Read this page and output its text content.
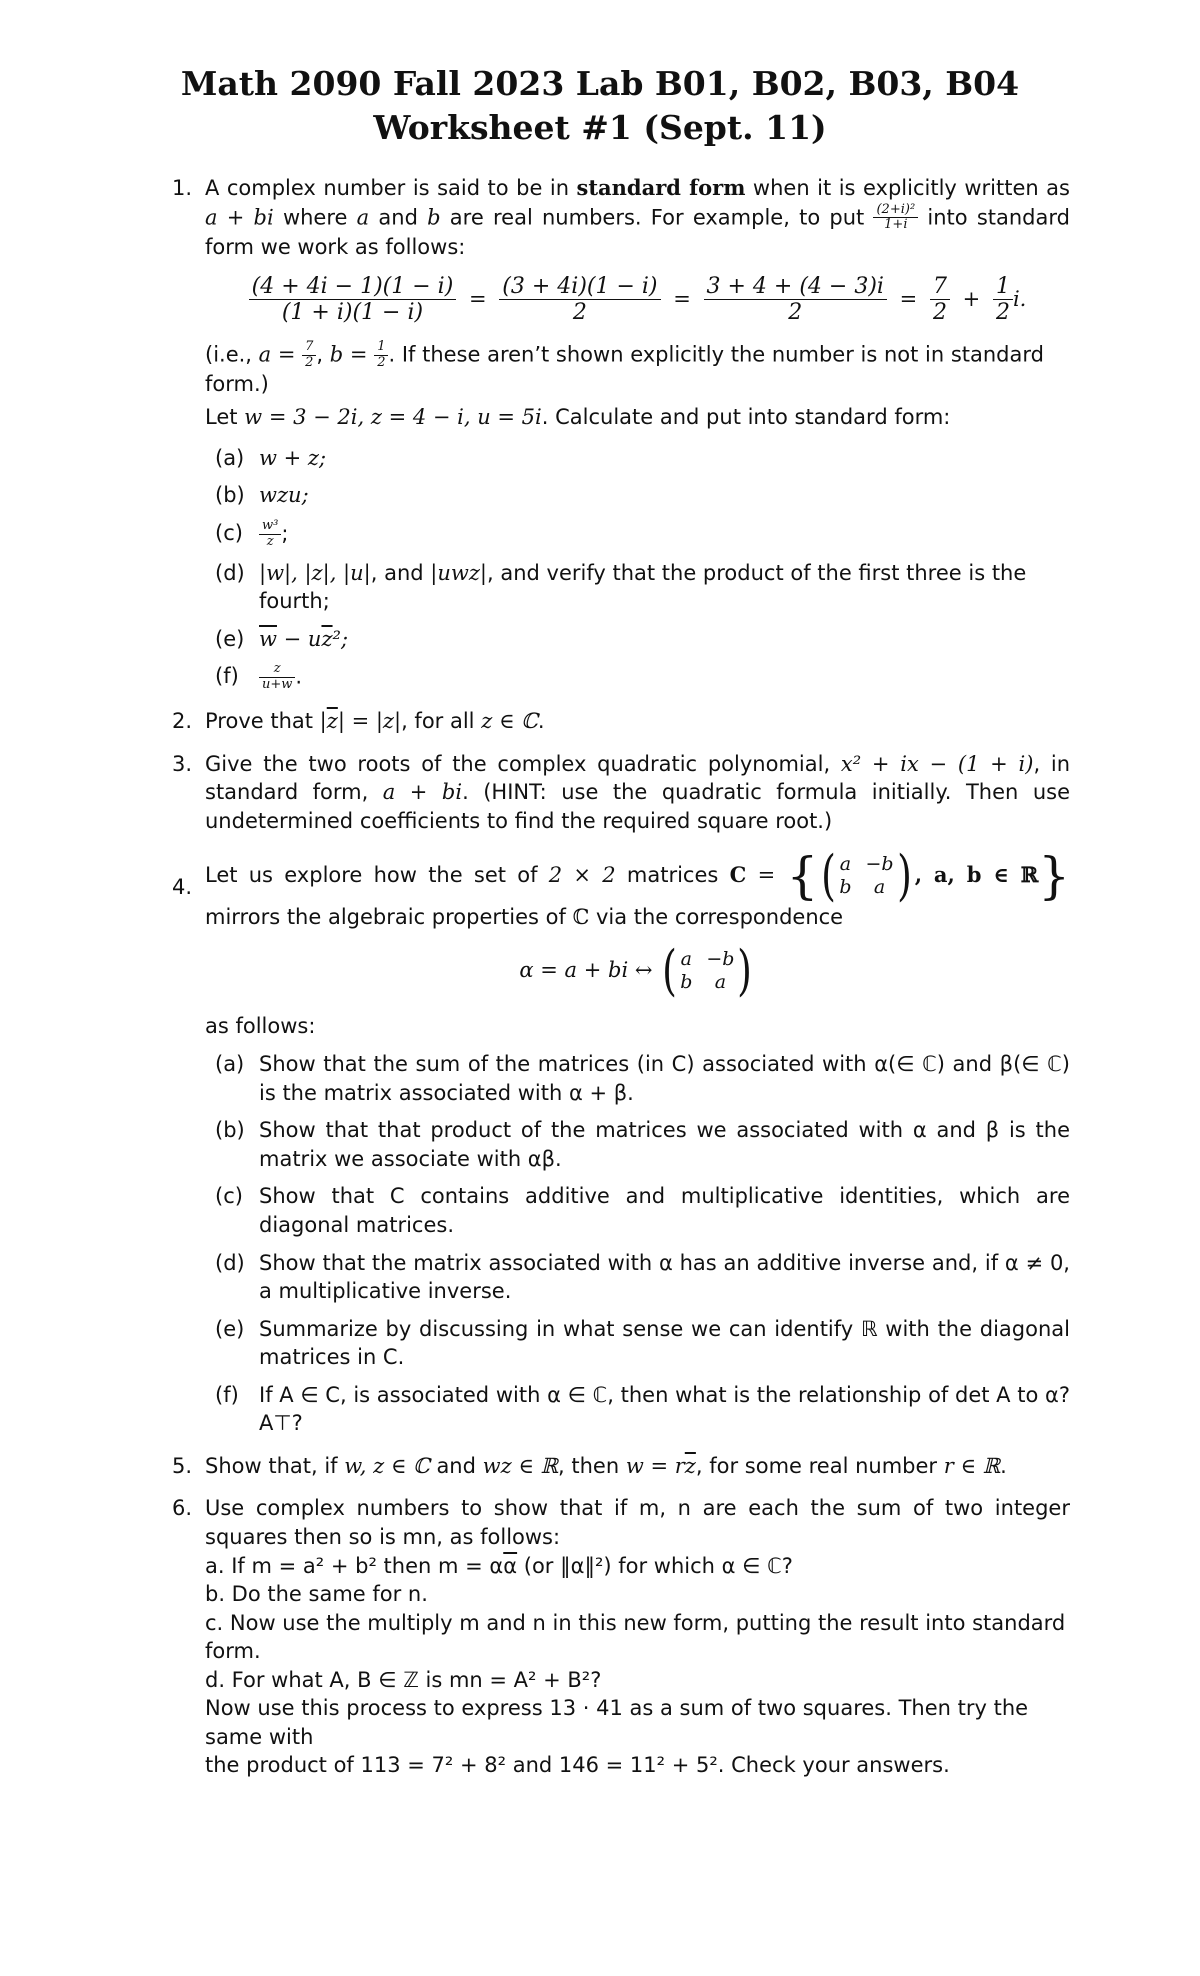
Math 2090 Fall 2023 Lab B01, B02, B03, B04
Worksheet #1 (Sept. 11)
1. A complex number is said to be in standard form when it is explicitly written as a + bi where a and b are real numbers. For example, to put $\frac{\text{(2+i)²}}{1+i}$ into standard form we work as follows:
$\frac{(4 + 4i - 1)(1 - i)}{(1 + i)(1 - i)} = \frac{(3 + 4i)(1 - i)}{2} = \frac{3 + 4 + (4 - 3)i}{2} = \frac{7}{2} + \frac{1}{2} i$.
(i.e., $a = \frac{7}{2}$ , $b = \frac{1}{2}$ . If these aren’t shown explicitly the number is not in standard form.)
Let w = 3 − 2i, z = 4 − i, u = 5i. Calculate and put into standard form:
(a) w + z;
(b) wzu;
$(c) \frac{\text{w³}}{z}$ ;
(d) |w|, |z|, |u|, and |uwz|, and verify that the product of the first three is the fourth;
(e) $\overline{w} - u\overline{z}^2$;
$(f) \frac{z}{u+w}$ .
2. Prove that $|\overline{z}| = |z|$, for all z ∈ ℂ.
3. Give the two roots of the complex quadratic polynomial, x² + ix − (1 + i), in standard form, a + bi. (HINT: use the quadratic formula initially. Then use undetermined coefficients to find the required square root.)
4. Let us explore how the set of 2 × 2 matrices C = { ( a −b
b	a ) , a, b ∈ ℝ} mirrors the algebraic properties of ℂ via the correspondence
α = a + bi ↔ ( a −b
b	a )
as follows:
(a) Show that the sum of the matrices (in C) associated with α(∈ ℂ) and β(∈ ℂ) is the matrix associated with α + β.
(b) Show that that product of the matrices we associated with α and β is the matrix we associate with αβ.
(c) Show that C contains additive and multiplicative identities, which are diagonal matrices.
(d) Show that the matrix associated with α has an additive inverse and, if α ≠ 0, a multiplicative inverse.
(e) Summarize by discussing in what sense we can identify ℝ with the diagonal matrices in C.
(f) If A ∈ C, is associated with α ∈ ℂ, then what is the relationship of det A to α? A⊤?
5. Show that, if w, z ∈ ℂ and wz ∈ ℝ, then $w = r\overline{z}$, for some real number r ∈ ℝ.
6. Use complex numbers to show that if m, n are each the sum of two integer squares then so is mn, as follows:
a. If m = a² + b² then $m = \alpha\overline{\alpha}$ (or ‖α‖²) for which α ∈ ℂ?
b. Do the same for n.
c. Now use the multiply m and n in this new form, putting the result into standard form.
d. For what A, B ∈ ℤ is mn = A² + B²?
Now use this process to express 13 · 41 as a sum of two squares. Then try the same with
the product of 113 = 7² + 8² and 146 = 11² + 5². Check your answers.
